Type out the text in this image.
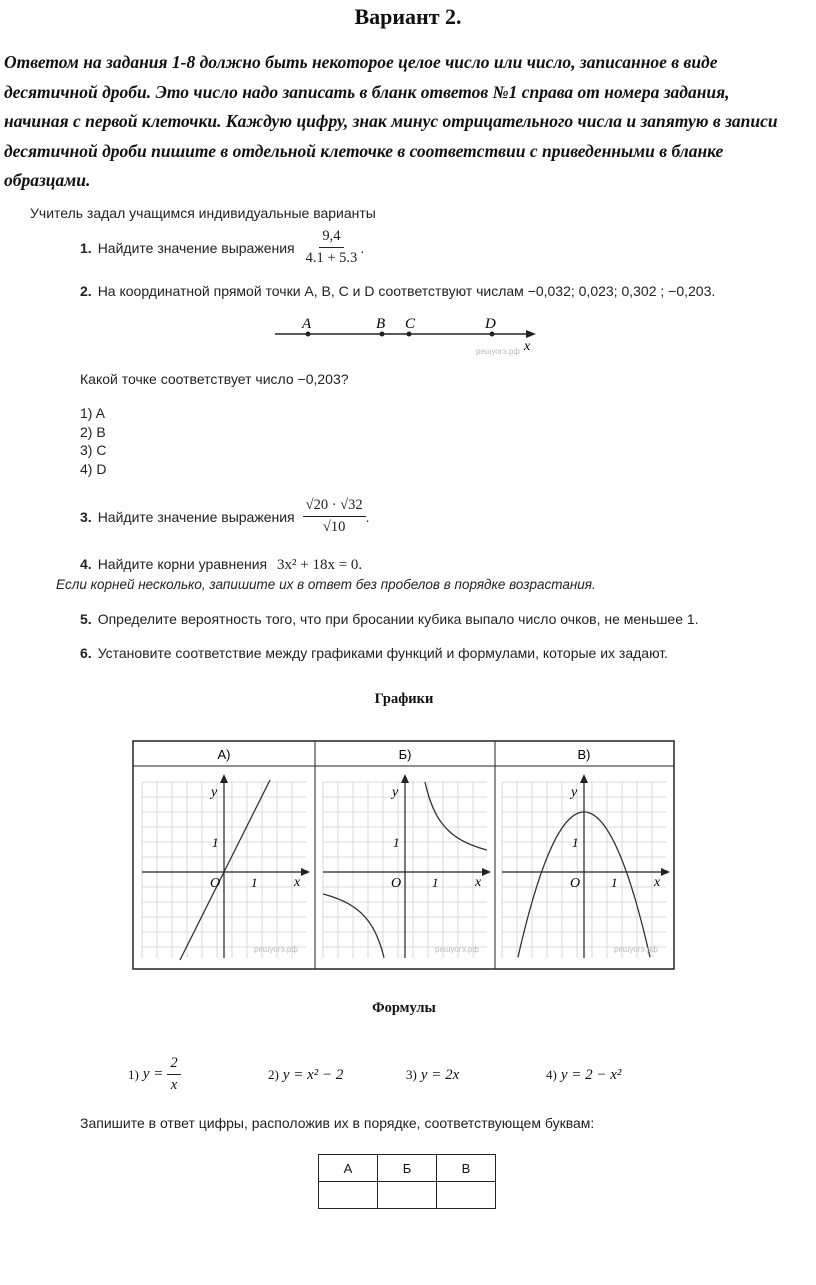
Вариант 2.
Ответом на задания 1-8 должно быть некоторое целое число или число, записанное в виде
десятичной дроби. Это число надо записать в бланк ответов №1 справа от номера задания,
начиная с первой клеточки. Каждую цифру, знак минус отрицательного числа и запятую в записи
десятичной дроби пишите в отдельной клеточке в соответствии с приведенными в бланке
образцами.
Учитель задал учащимся индивидуальные варианты
1. Найдите значение выражения $\frac{9,4}{4.1 + 5.3}$ .
2. На координатной прямой точки A, B, C и D соответствуют числам −0,032; 0,023; 0,302 ; −0,203.
A	B C	D
x
решуогэ.рф
Какой точке соответствует число −0,203?
1) A
2) B
3) C
4) D
3. Найдите значение выражения $\frac{√20 \cdot √32}{√10}$ .
4. Найдите корни уравнения 3x² + 18x = 0.
Если корней несколько, запишите их в ответ без пробелов в порядке возрастания.
5. Определите вероятность того, что при бросании кубика выпало число очков, не меньшее 1.
6. Установите соответствие между графиками функций и формулами, которые их задают.
Графики
А)	Б)	В)
y
x
O 1
1
решуогэ.рф
y
x
O 1
1
решуогэ.рф
y
x
O 1
1
решуогэ.рф
Формулы
1) $y = \frac{2}{x}$	2) y = x² − 2	3) y = 2x	4) y = 2 − x²
Запишите в ответ цифры, расположив их в порядке, соответствующем буквам:
А	Б	В
